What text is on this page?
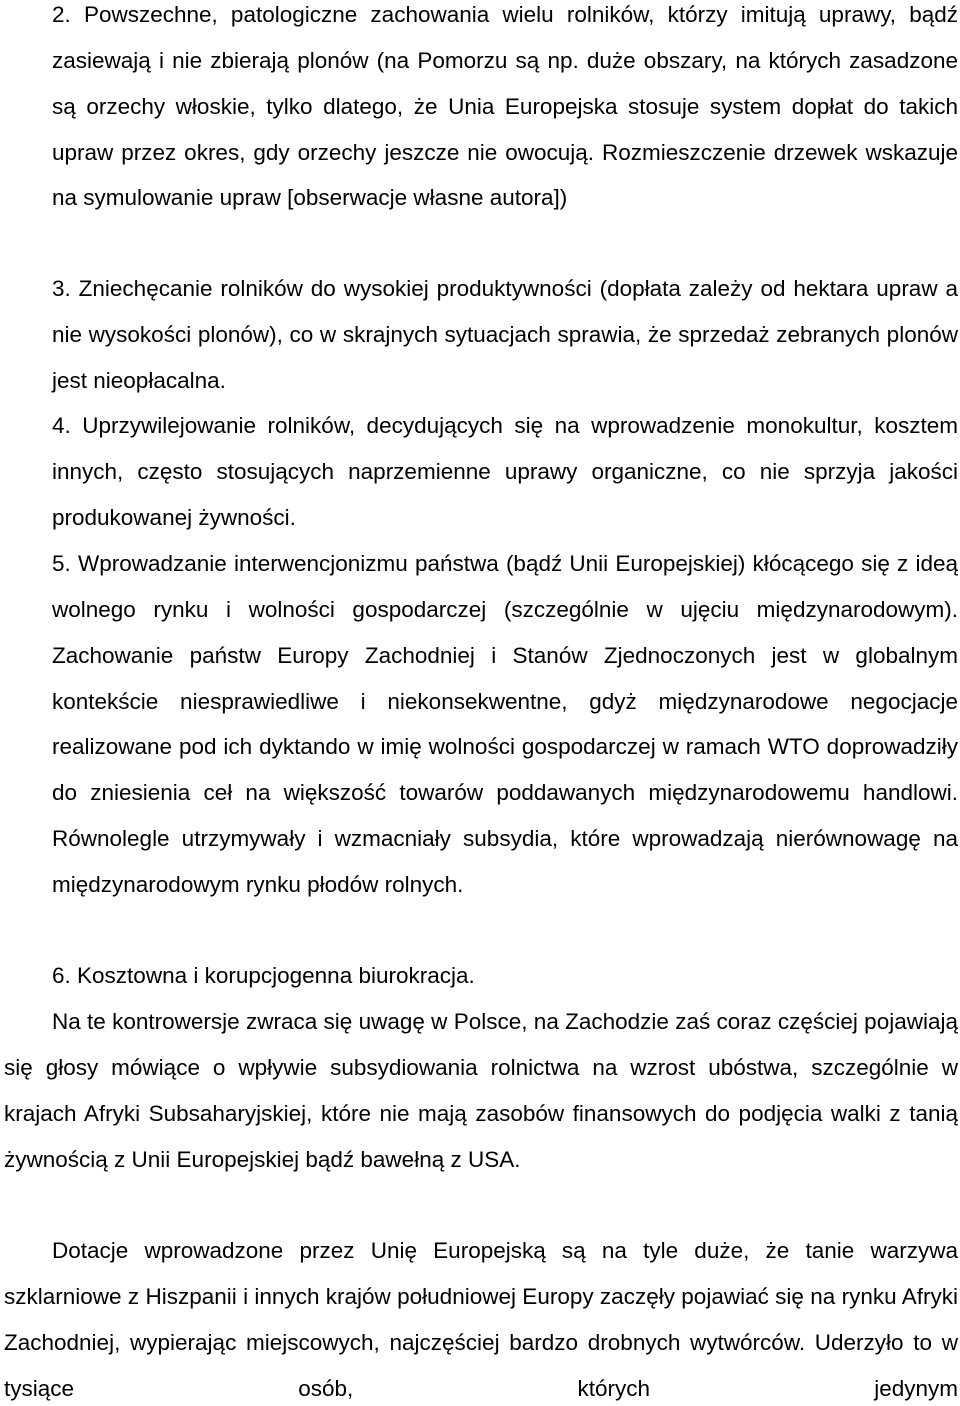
2. Powszechne, patologiczne zachowania wielu rolników, którzy imitują uprawy, bądź zasiewają i nie zbierają plonów (na Pomorzu są np. duże obszary, na których zasadzone są orzechy włoskie, tylko dlatego, że Unia Europejska stosuje system dopłat do takich upraw przez okres, gdy orzechy jeszcze nie owocują. Rozmieszczenie drzewek wskazuje na symulowanie upraw [obserwacje własne autora])

3. Zniechęcanie rolników do wysokiej produktywności (dopłata zależy od hektara upraw a nie wysokości plonów), co w skrajnych sytuacjach sprawia, że sprzedaż zebranych plonów jest nieopłacalna.

4. Uprzywilejowanie rolników, decydujących się na wprowadzenie monokultur, kosztem innych, często stosujących naprzemienne uprawy organiczne, co nie sprzyja jakości produkowanej żywności.

5. Wprowadzanie interwencjonizmu państwa (bądź Unii Europejskiej) kłócącego się z ideą wolnego rynku i wolności gospodarczej (szczególnie w ujęciu międzynarodowym). Zachowanie państw Europy Zachodniej i Stanów Zjednoczonych jest w globalnym kontekście niesprawiedliwe i niekonsekwentne, gdyż międzynarodowe negocjacje realizowane pod ich dyktando w imię wolności gospodarczej w ramach WTO doprowadziły do zniesienia ceł na większość towarów poddawanych międzynarodowemu handlowi. Równolegle utrzymywały i wzmacniały subsydia, które wprowadzają nierównowagę na międzynarodowym rynku płodów rolnych.

6. Kosztowna i korupcjogenna biurokracja.

Na te kontrowersje zwraca się uwagę w Polsce, na Zachodzie zaś coraz częściej pojawiają się głosy mówiące o wpływie subsydiowania rolnictwa na wzrost ubóstwa, szczególnie w krajach Afryki Subsaharyjskiej, które nie mają zasobów finansowych do podjęcia walki z tanią żywnością z Unii Europejskiej bądź bawełną z USA.

Dotacje wprowadzone przez Unię Europejską są na tyle duże, że tanie warzywa szklarniowe z Hiszpanii i innych krajów południowej Europy zaczęły pojawiać się na rynku Afryki Zachodniej, wypierając miejscowych, najczęściej bardzo drobnych wytwórców. Uderzyło to w tysiące osób, których jedynym
